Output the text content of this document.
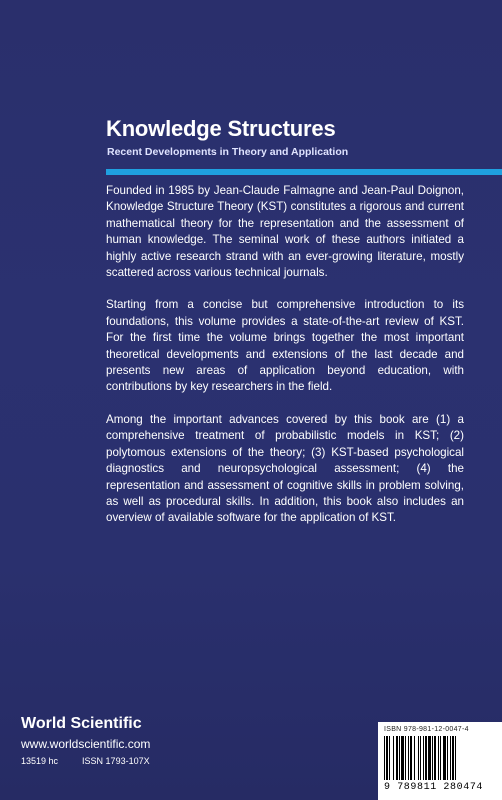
Knowledge Structures
Recent Developments in Theory and Application

Founded in 1985 by Jean-Claude Falmagne and Jean-Paul Doignon, Knowledge Structure Theory (KST) constitutes a rigorous and current mathematical theory for the representation and the assessment of human knowledge. The seminal work of these authors initiated a highly active research strand with an ever-growing literature, mostly scattered across various technical journals.

Starting from a concise but comprehensive introduction to its foundations, this volume provides a state-of-the-art review of KST. For the first time the volume brings together the most important theoretical developments and extensions of the last decade and presents new areas of application beyond education, with contributions by key researchers in the field.

Among the important advances covered by this book are (1) a comprehensive treatment of probabilistic models in KST; (2) polytomous extensions of the theory; (3) KST-based psychological diagnostics and neuropsychological assessment; (4) the representation and assessment of cognitive skills in problem solving, as well as procedural skills. In addition, this book also includes an overview of available software for the application of KST.

World Scientific
www.worldscientific.com
13519 hc	ISSN 1793-107X
ISBN 978-981-12-0047-4
9 789811 280474
